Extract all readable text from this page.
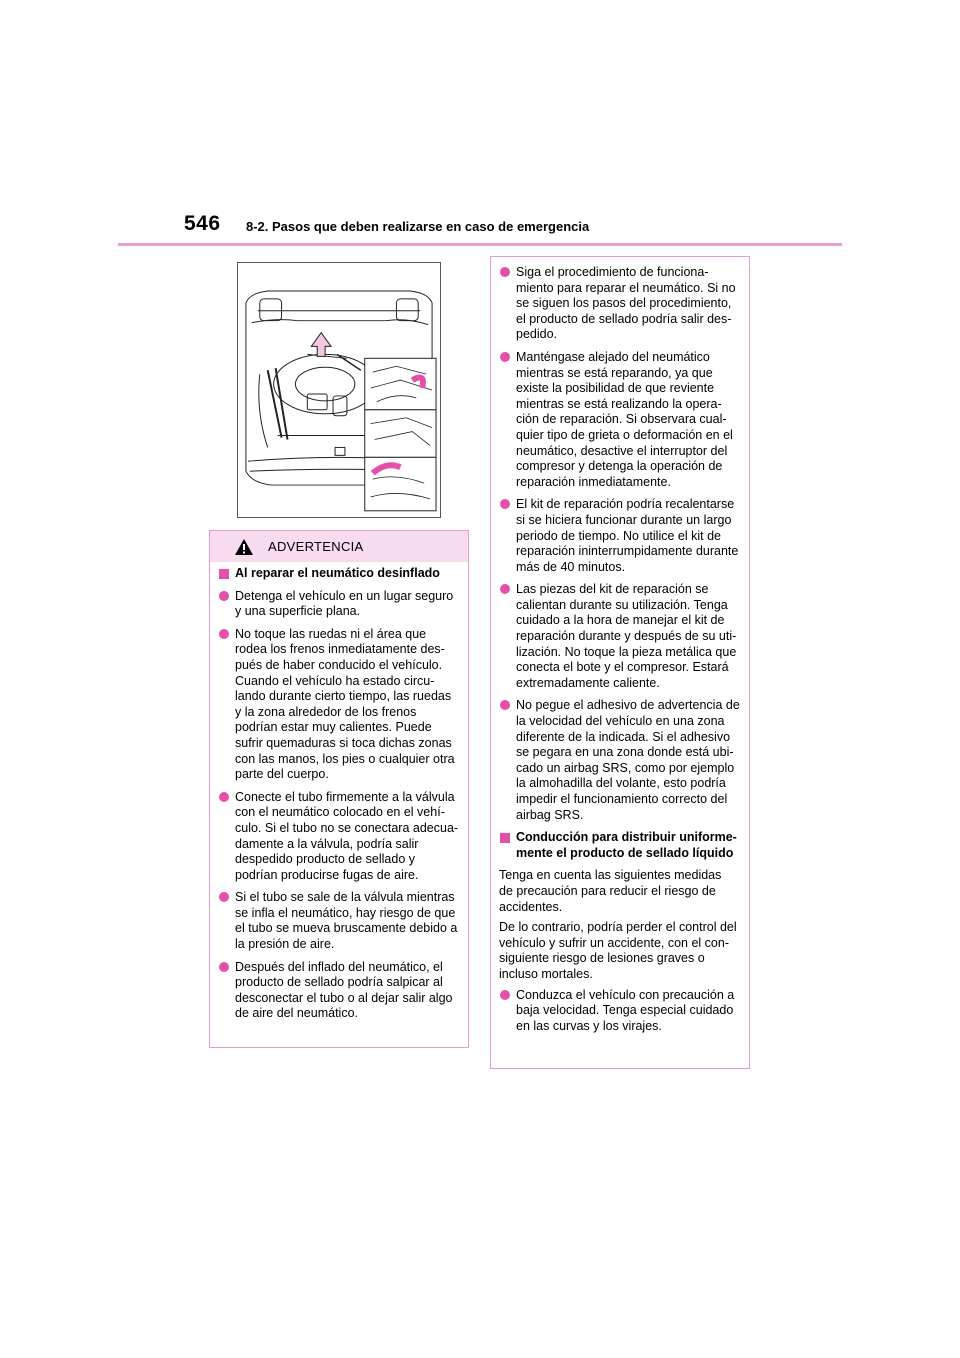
546 8-2. Pasos que deben realizarse en caso de emergencia
ADVERTENCIA
Al reparar el neumático desinflado
Detenga el vehículo en un lugar seguro
y una superficie plana.
No toque las ruedas ni el área que
rodea los frenos inmediatamente des-
pués de haber conducido el vehículo.
Cuando el vehículo ha estado circu-
lando durante cierto tiempo, las ruedas
y la zona alrededor de los frenos
podrían estar muy calientes. Puede
sufrir quemaduras si toca dichas zonas
con las manos, los pies o cualquier otra
parte del cuerpo.
Conecte el tubo firmemente a la válvula
con el neumático colocado en el vehí-
culo. Si el tubo no se conectara adecua-
damente a la válvula, podría salir
despedido producto de sellado y
podrían producirse fugas de aire.
Si el tubo se sale de la válvula mientras
se infla el neumático, hay riesgo de que
el tubo se mueva bruscamente debido a
la presión de aire.
Después del inflado del neumático, el
producto de sellado podría salpicar al
desconectar el tubo o al dejar salir algo
de aire del neumático.
Siga el procedimiento de funciona-
miento para reparar el neumático. Si no
se siguen los pasos del procedimiento,
el producto de sellado podría salir des-
pedido.
Manténgase alejado del neumático
mientras se está reparando, ya que
existe la posibilidad de que reviente
mientras se está realizando la opera-
ción de reparación. Si observara cual-
quier tipo de grieta o deformación en el
neumático, desactive el interruptor del
compresor y detenga la operación de
reparación inmediatamente.
El kit de reparación podría recalentarse
si se hiciera funcionar durante un largo
periodo de tiempo. No utilice el kit de
reparación ininterrumpidamente durante
más de 40 minutos.
Las piezas del kit de reparación se
calientan durante su utilización. Tenga
cuidado a la hora de manejar el kit de
reparación durante y después de su uti-
lización. No toque la pieza metálica que
conecta el bote y el compresor. Estará
extremadamente caliente.
No pegue el adhesivo de advertencia de
la velocidad del vehículo en una zona
diferente de la indicada. Si el adhesivo
se pegara en una zona donde está ubi-
cado un airbag SRS, como por ejemplo
la almohadilla del volante, esto podría
impedir el funcionamiento correcto del
airbag SRS.
Conducción para distribuir uniforme-
mente el producto de sellado líquido
Tenga en cuenta las siguientes medidas
de precaución para reducir el riesgo de
accidentes.
De lo contrario, podría perder el control del
vehículo y sufrir un accidente, con el con-
siguiente riesgo de lesiones graves o
incluso mortales.
Conduzca el vehículo con precaución a
baja velocidad. Tenga especial cuidado
en las curvas y los virajes.
